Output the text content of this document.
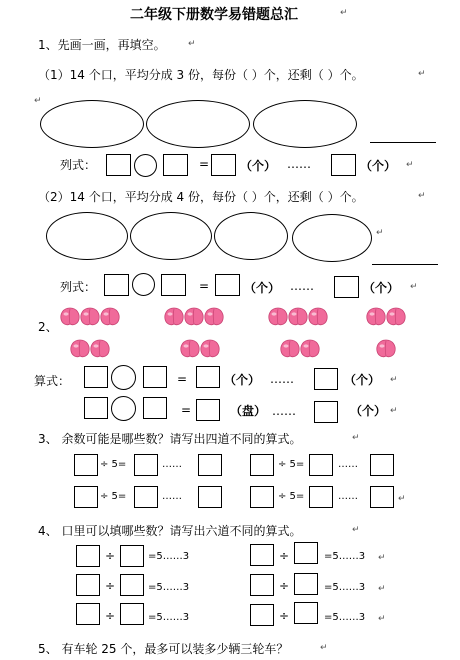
二年级下册数学易错题总汇	↵
1、先画一画，再填空。 ↵
（1）14 个口，平均分成 3 份，每份（ ）个，还剩（ ）个。	↵
↵
列式：	=	（个） ……	（个） ↵
（2）14 个口，平均分成 4 份，每份（ ）个，还剩（ ）个。	↵
↵
列式：	=	（个） ……	（个） ↵
2、
算式：	=	（个） ……	（个） ↵
=	（盘） ……	（个） ↵
3、 余数可能是哪些数？请写出四道不同的算式。	↵
÷ 5=	……	÷ 5=	……
÷ 5=	……	÷ 5=	……	↵
4、 口里可以填哪些数？请写出六道不同的算式。	↵
÷	=5……3	÷	=5……3 ↵
÷	=5……3	÷	=5……3 ↵
÷	=5……3	÷	=5……3 ↵
5、 有车轮 25 个，最多可以装多少辆三轮车？	↵
